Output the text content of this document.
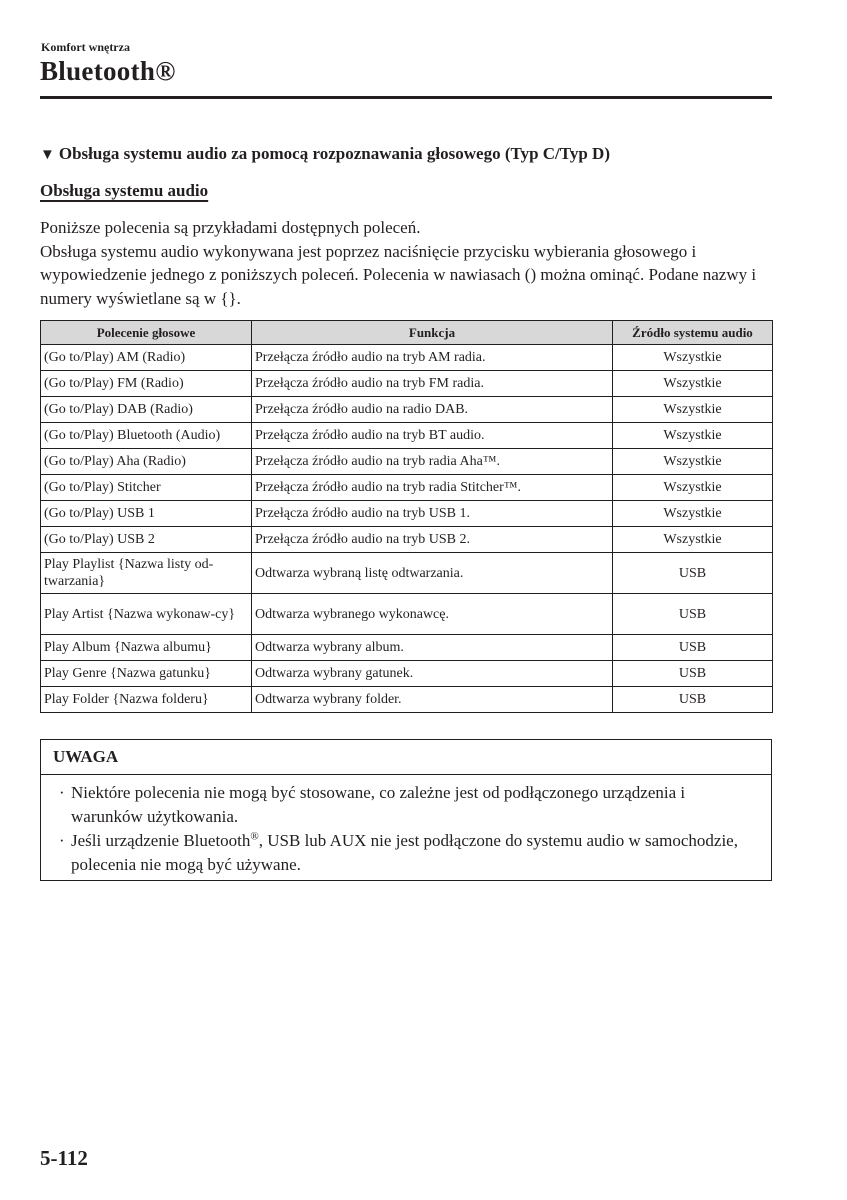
Komfort wnętrza
Bluetooth®
▼ Obsługa systemu audio za pomocą rozpoznawania głosowego (Typ C/Typ D)
Obsługa systemu audio

Poniższe polecenia są przykładami dostępnych poleceń.

Obsługa systemu audio wykonywana jest poprzez naciśnięcie przycisku wybierania głosowego i wypowiedzenie jednego z poniższych poleceń. Polecenia w nawiasach () można ominąć. Podane nazwy i numery wyświetlane są w {}.

Polecenie głosowe	Funkcja	Źródło systemu audio
(Go to/Play) AM (Radio)	Przełącza źródło audio na tryb AM radia.	Wszystkie
(Go to/Play) FM (Radio)	Przełącza źródło audio na tryb FM radia.	Wszystkie
(Go to/Play) DAB (Radio)	Przełącza źródło audio na radio DAB.	Wszystkie
(Go to/Play) Bluetooth (Audio)	Przełącza źródło audio na tryb BT audio.	Wszystkie
(Go to/Play) Aha (Radio)	Przełącza źródło audio na tryb radia Aha™.	Wszystkie
(Go to/Play) Stitcher	Przełącza źródło audio na tryb radia Stitcher™.	Wszystkie
(Go to/Play) USB 1	Przełącza źródło audio na tryb USB 1.	Wszystkie
(Go to/Play) USB 2	Przełącza źródło audio na tryb USB 2.	Wszystkie
Play Playlist {Nazwa listy od-twarzania}	Odtwarza wybraną listę odtwarzania.	USB
Play Artist {Nazwa wykonaw-cy}	Odtwarza wybranego wykonawcę.	USB
Play Album {Nazwa albumu}	Odtwarza wybrany album.	USB
Play Genre {Nazwa gatunku}	Odtwarza wybrany gatunek.	USB
Play Folder {Nazwa folderu}	Odtwarza wybrany folder.	USB
UWAGA
· Niektóre polecenia nie mogą być stosowane, co zależne jest od podłączonego urządzenia i warunków użytkowania.
· Jeśli urządzenie Bluetooth®, USB lub AUX nie jest podłączone do systemu audio w samochodzie, polecenia nie mogą być używane.
5-112
